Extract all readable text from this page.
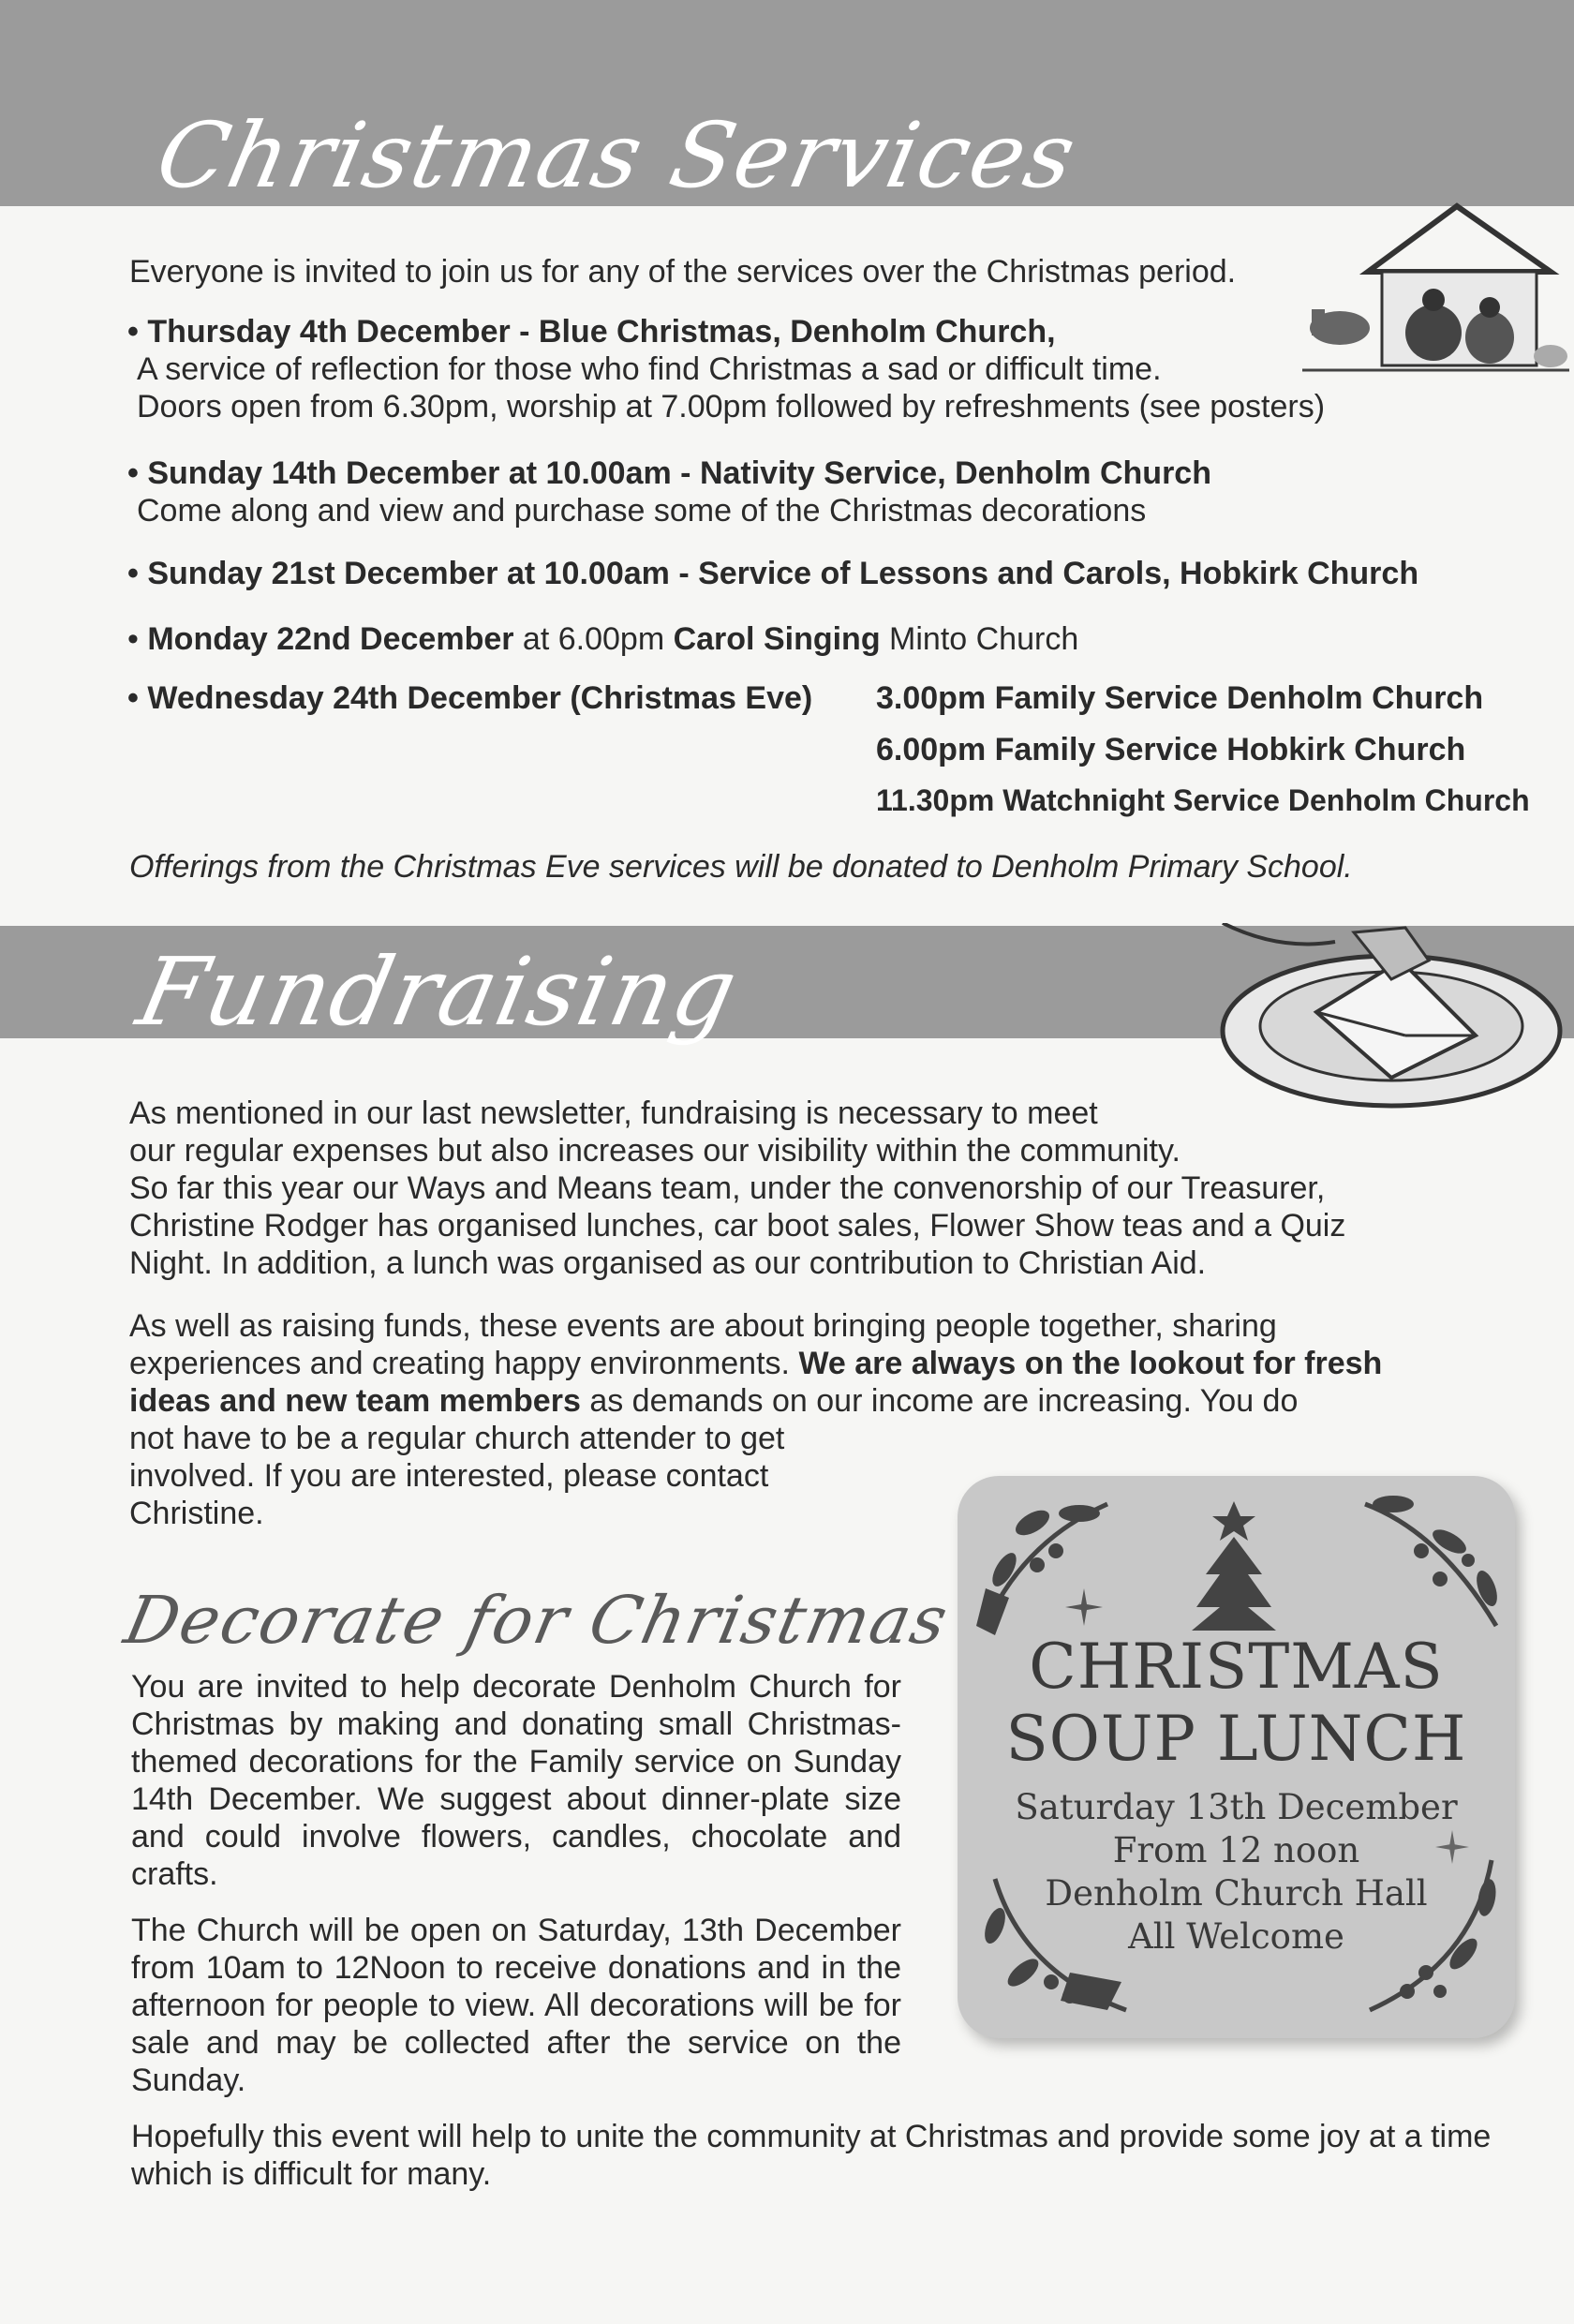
Christmas Services
Everyone is invited to join us for any of the services over the Christmas period.
• Thursday 4th December - Blue Christmas, Denholm Church,
A service of reflection for those who find Christmas a sad or difficult time.
Doors open from 6.30pm, worship at 7.00pm followed by refreshments (see posters)
• Sunday 14th December at 10.00am - Nativity Service, Denholm Church
Come along and view and purchase some of the Christmas decorations
• Sunday 21st December at 10.00am - Service of Lessons and Carols, Hobkirk Church
• Monday 22nd December at 6.00pm Carol Singing Minto Church
• Wednesday 24th December (Christmas Eve) 3.00pm Family Service Denholm Church
6.00pm Family Service Hobkirk Church
11.30pm Watchnight Service Denholm Church
Offerings from the Christmas Eve services will be donated to Denholm Primary School.
Fundraising
As mentioned in our last newsletter, fundraising is necessary to meet
our regular expenses but also increases our visibility within the community.
So far this year our Ways and Means team, under the convenorship of our Treasurer,
Christine Rodger has organised lunches, car boot sales, Flower Show teas and a Quiz
Night. In addition, a lunch was organised as our contribution to Christian Aid.
As well as raising funds, these events are about bringing people together, sharing
experiences and creating happy environments. We are always on the lookout for fresh
ideas and new team members as demands on our income are increasing. You do
not have to be a regular church attender to get
involved. If you are interested, please contact
Christine.
Decorate for Christmas
You are invited to help decorate Denholm Church for Christmas by making and donating small Christmas-themed decorations for the Family service on Sunday 14th December. We suggest about dinner-plate size and could involve flowers, candles, chocolate and crafts.
The Church will be open on Saturday, 13th December from 10am to 12Noon to receive donations and in the afternoon for people to view. All decorations will be for sale and may be collected after the service on the Sunday.
Hopefully this event will help to unite the community at Christmas and provide some joy at a time which is difficult for many.
CHRISTMAS
SOUP LUNCH
Saturday 13th December
From 12 noon
Denholm Church Hall
All Welcome
